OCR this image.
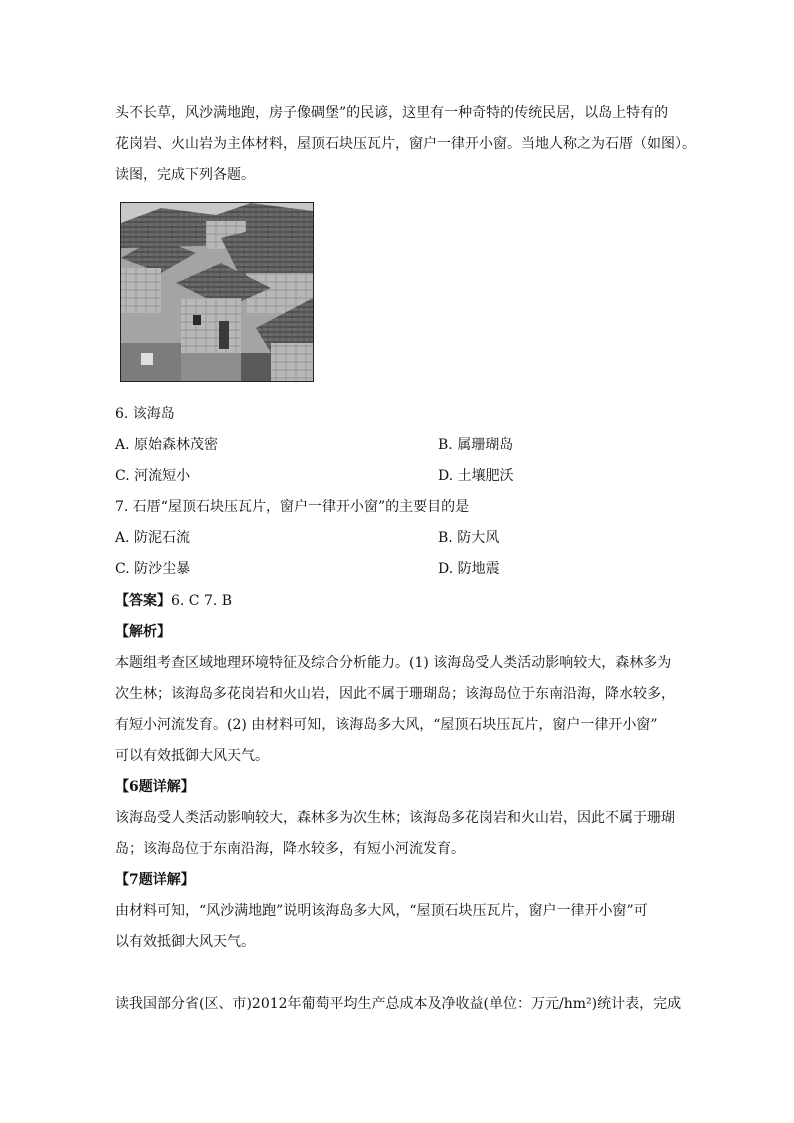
头不长草，风沙满地跑，房子像碉堡”的民谚，这里有一种奇特的传统民居，以岛上特有的
花岗岩、火山岩为主体材料，屋顶石块压瓦片，窗户一律开小窗。当地人称之为石厝（如图）。
读图，完成下列各题。
6. 该海岛
A. 原始森林茂密	B. 属珊瑚岛
C. 河流短小	D. 土壤肥沃
7. 石厝“屋顶石块压瓦片，窗户一律开小窗”的主要目的是
A. 防泥石流	B. 防大风
C. 防沙尘暴	D. 防地震
【答案】6. C 7. B
【解析】
本题组考查区域地理环境特征及综合分析能力。(1) 该海岛受人类活动影响较大，森林多为
次生林；该海岛多花岗岩和火山岩，因此不属于珊瑚岛；该海岛位于东南沿海，降水较多，
有短小河流发育。(2) 由材料可知，该海岛多大风，“屋顶石块压瓦片，窗户一律开小窗”
可以有效抵御大风天气。
【6题详解】
该海岛受人类活动影响较大，森林多为次生林；该海岛多花岗岩和火山岩，因此不属于珊瑚
岛；该海岛位于东南沿海，降水较多，有短小河流发育。
【7题详解】
由材料可知，“风沙满地跑”说明该海岛多大风，“屋顶石块压瓦片，窗户一律开小窗”可
以有效抵御大风天气。
读我国部分省(区、市)2012年葡萄平均生产总成本及净收益(单位：万元/hm²)统计表，完成
